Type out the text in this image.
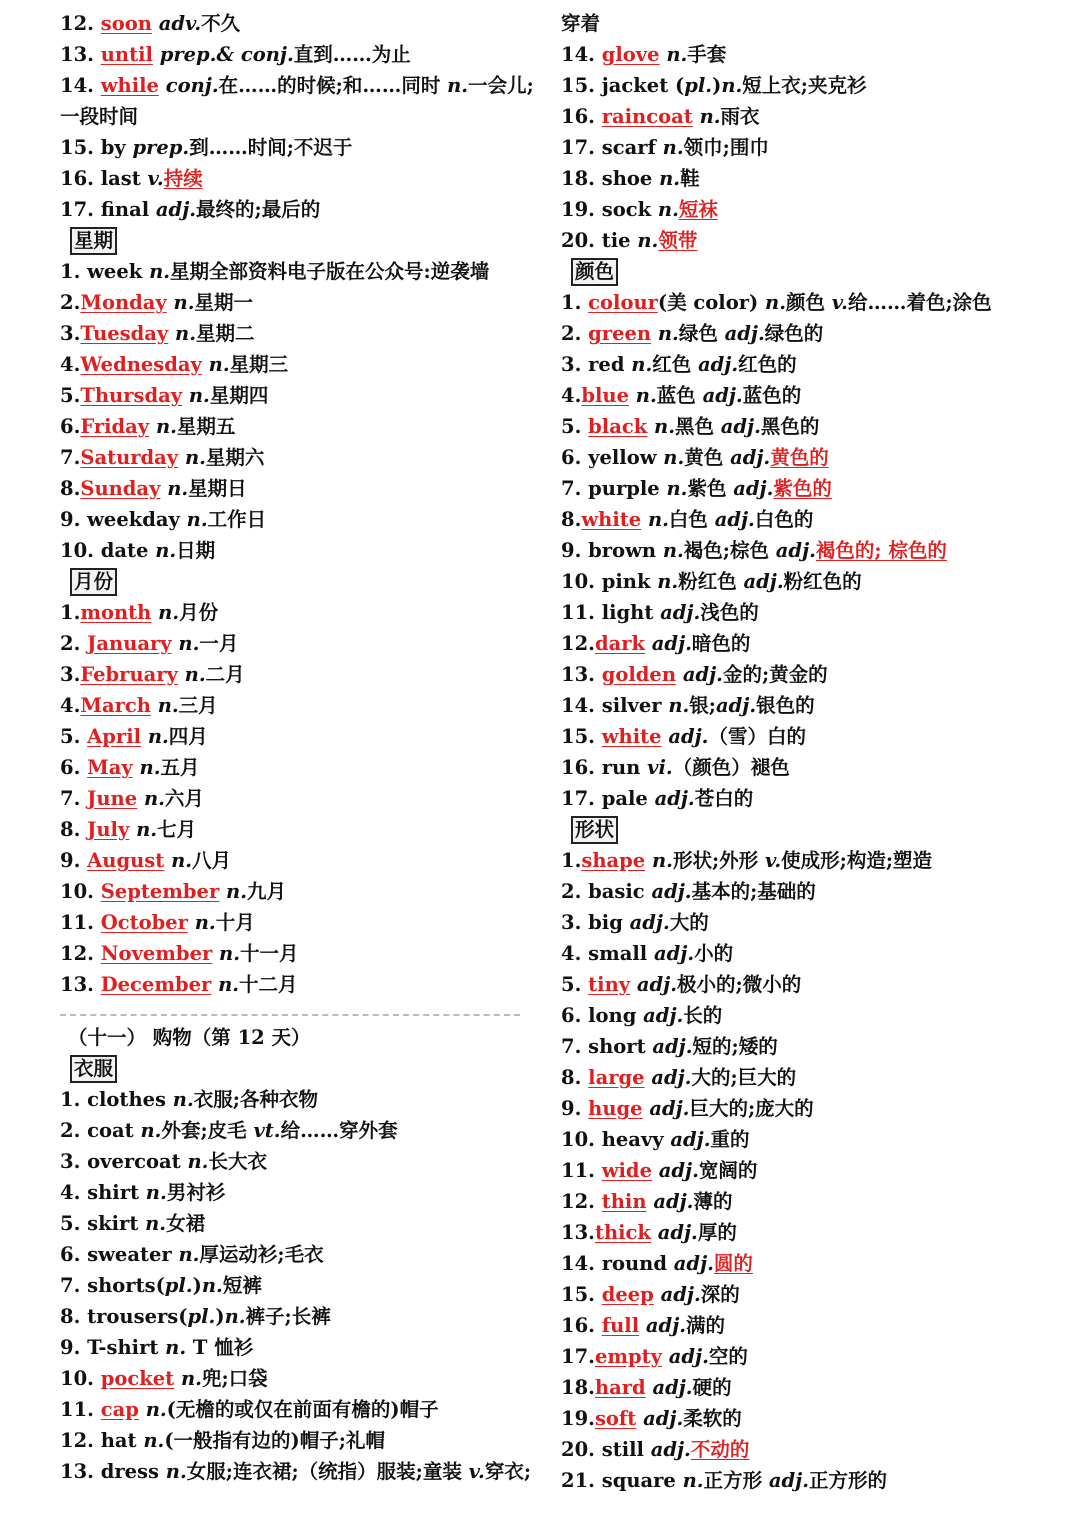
12. soon adv.不久
13. until prep.& conj.直到……为止
14. while conj.在……的时候;和……同时 n.一会儿;
一段时间
15. by prep.到……时间;不迟于
16. last v.持续
17. final adj.最终的;最后的
星期
1. week n.星期全部资料电子版在公众号:逆袭墙
2.Monday n.星期一
3.Tuesday n.星期二
4.Wednesday n.星期三
5.Thursday n.星期四
6.Friday n.星期五
7.Saturday n.星期六
8.Sunday n.星期日
9. weekday n.工作日
10. date n.日期
月份
1.month n.月份
2. January n.一月
3.February n.二月
4.March n.三月
5. April n.四月
6. May n.五月
7. June n.六月
8. July n.七月
9. August n.八月
10. September n.九月
11. October n.十月
12. November n.十一月
13. December n.十二月
（十一） 购物（第 12 天）
衣服
1. clothes n.衣服;各种衣物
2. coat n.外套;皮毛 vt.给……穿外套
3. overcoat n.长大衣
4. shirt n.男衬衫
5. skirt n.女裙
6. sweater n.厚运动衫;毛衣
7. shorts(pl.)n.短裤
8. trousers(pl.)n.裤子;长裤
9. T-shirt n. T 恤衫
10. pocket n.兜;口袋
11. cap n.(无檐的或仅在前面有檐的)帽子
12. hat n.(一般指有边的)帽子;礼帽
13. dress n.女服;连衣裙;（统指）服装;童装 v.穿衣;
穿着
14. glove n.手套
15. jacket (pl.)n.短上衣;夹克衫
16. raincoat n.雨衣
17. scarf n.领巾;围巾
18. shoe n.鞋
19. sock n.短袜
20. tie n.领带
颜色
1. colour(美 color) n.颜色 v.给……着色;涂色
2. green n.绿色 adj.绿色的
3. red n.红色 adj.红色的
4.blue n.蓝色 adj.蓝色的
5. black n.黑色 adj.黑色的
6. yellow n.黄色 adj.黄色的
7. purple n.紫色 adj.紫色的
8.white n.白色 adj.白色的
9. brown n.褐色;棕色 adj.褐色的; 棕色的
10. pink n.粉红色 adj.粉红色的
11. light adj.浅色的
12.dark adj.暗色的
13. golden adj.金的;黄金的
14. silver n.银;adj.银色的
15. white adj.（雪）白的
16. run vi.（颜色）褪色
17. pale adj.苍白的
形状
1.shape n.形状;外形 v.使成形;构造;塑造
2. basic adj.基本的;基础的
3. big adj.大的
4. small adj.小的
5. tiny adj.极小的;微小的
6. long adj.长的
7. short adj.短的;矮的
8. large adj.大的;巨大的
9. huge adj.巨大的;庞大的
10. heavy adj.重的
11. wide adj.宽阔的
12. thin adj.薄的
13.thick adj.厚的
14. round adj.圆的
15. deep adj.深的
16. full adj.满的
17.empty adj.空的
18.hard adj.硬的
19.soft adj.柔软的
20. still adj.不动的
21. square n.正方形 adj.正方形的
